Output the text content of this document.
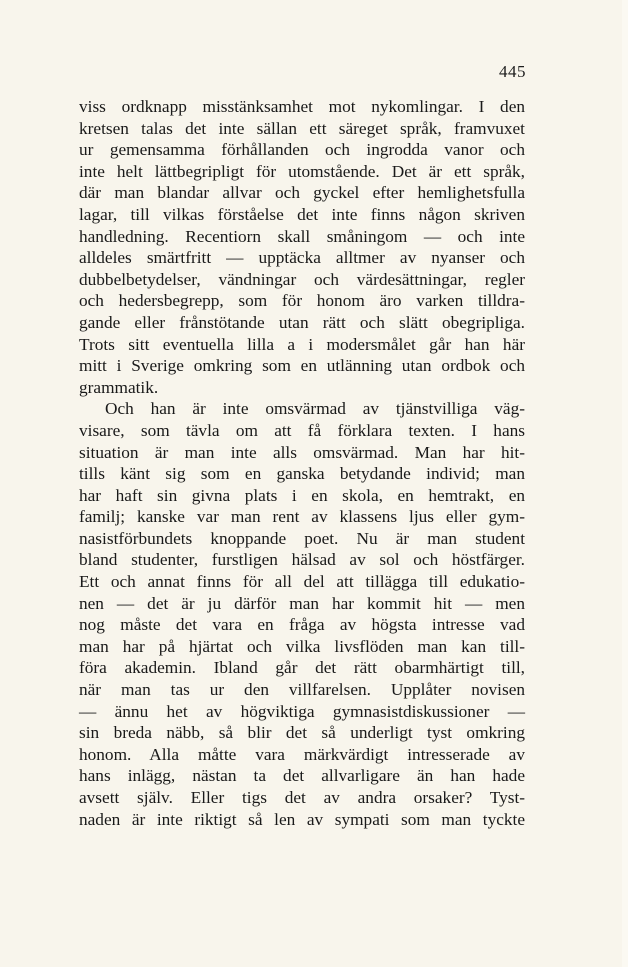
445
viss ordknapp misstänksamhet mot nykomlingar. I den
kretsen talas det inte sällan ett säreget språk, framvuxet
ur gemensamma förhållanden och ingrodda vanor och
inte helt lättbegripligt för utomstående. Det är ett språk,
där man blandar allvar och gyckel efter hemlighetsfulla
lagar, till vilkas förståelse det inte finns någon skriven
handledning. Recentiorn skall småningom — och inte
alldeles smärtfritt — upptäcka alltmer av nyanser och
dubbelbetydelser, vändningar och värdesättningar, regler
och hedersbegrepp, som för honom äro varken tilldra-
gande eller frånstötande utan rätt och slätt obegripliga.
Trots sitt eventuella lilla a i modersmålet går han här
mitt i Sverige omkring som en utlänning utan ordbok och
grammatik.
Och han är inte omsvärmad av tjänstvilliga väg-
visare, som tävla om att få förklara texten. I hans
situation är man inte alls omsvärmad. Man har hit-
tills känt sig som en ganska betydande individ; man
har haft sin givna plats i en skola, en hemtrakt, en
familj; kanske var man rent av klassens ljus eller gym-
nasistförbundets knoppande poet. Nu är man student
bland studenter, furstligen hälsad av sol och höstfärger.
Ett och annat finns för all del att tillägga till edukatio-
nen — det är ju därför man har kommit hit — men
nog måste det vara en fråga av högsta intresse vad
man har på hjärtat och vilka livsflöden man kan till-
föra akademin. Ibland går det rätt obarmhärtigt till,
när man tas ur den villfarelsen. Upplåter novisen
— ännu het av högviktiga gymnasistdiskussioner —
sin breda näbb, så blir det så underligt tyst omkring
honom. Alla måtte vara märkvärdigt intresserade av
hans inlägg, nästan ta det allvarligare än han hade
avsett själv. Eller tigs det av andra orsaker? Tyst-
naden är inte riktigt så len av sympati som man tyckte
